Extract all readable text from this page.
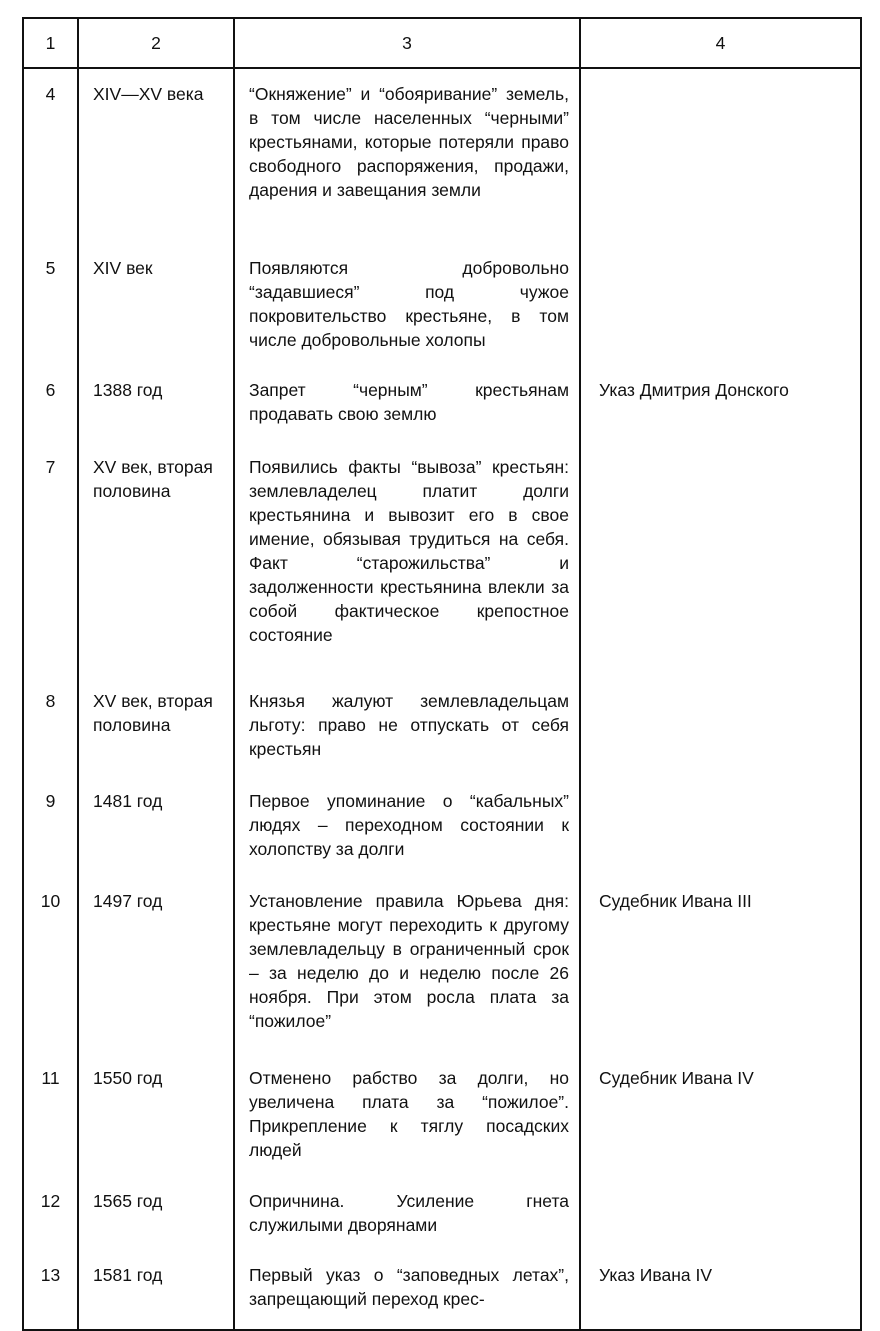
1	2	3	4
4	XIV—XV века	“Окняжение” и “обояривание” земель, в том числе населенных “черными” крестьянами, которые потеряли право свободного распоряжения, продажи, дарения и завещания земли	
5	XIV век	Появляются добровольно “задавшиеся” под чужое покровительство крестьяне, в том числе добровольные холопы	
6	1388 год	Запрет “черным” крестьянам продавать свою землю	Указ Дмитрия Донского
7	XV век, вторая половина	Появились факты “вывоза” крестьян: землевладелец платит долги крестьянина и вывозит его в свое имение, обязывая трудиться на себя. Факт “старожильства” и задолженности крестьянина влекли за собой фактическое крепостное состояние	
8	XV век, вторая половина	Князья жалуют землевладельцам льготу: право не отпускать от себя крестьян	
9	1481 год	Первое упоминание о “кабальных” людях – переходном состоянии к холопству за долги	
10	1497 год	Установление правила Юрьева дня: крестьяне могут переходить к другому землевладельцу в ограниченный срок – за неделю до и неделю после 26 ноября. При этом росла плата за “пожилое”	Судебник Ивана III
11	1550 год	Отменено рабство за долги, но увеличена плата за “пожилое”. Прикрепление к тяглу посадских людей	Судебник Ивана IV
12	1565 год	Опричнина. Усиление гнета служилыми дворянами	
13	1581 год	Первый указ о “заповедных летах”, запрещающий переход крес-	Указ Ивана IV
